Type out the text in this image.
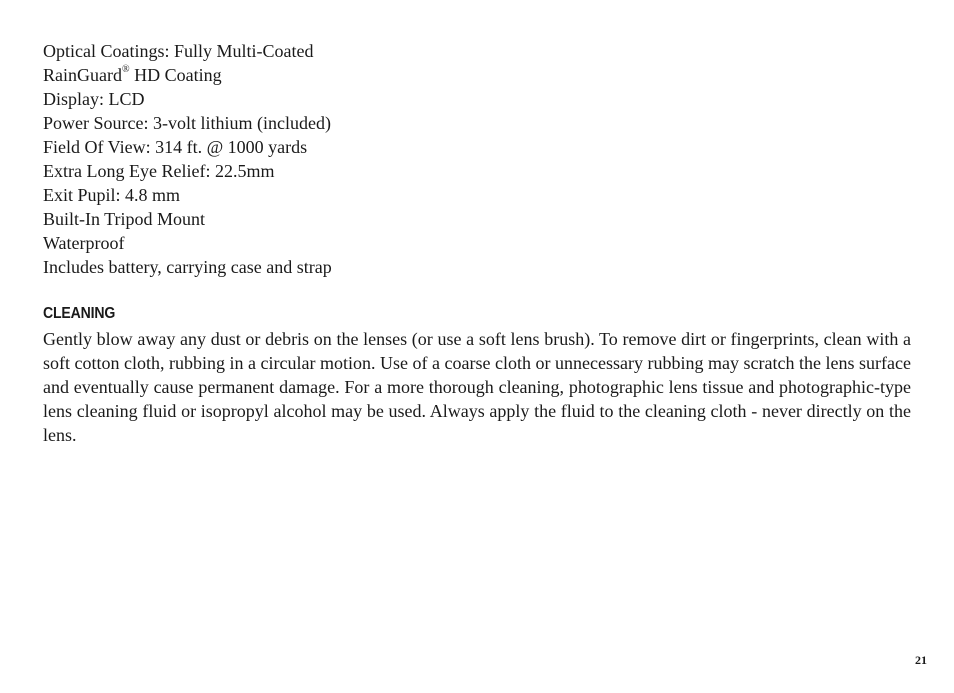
Optical Coatings: Fully Multi-Coated
RainGuard® HD Coating
Display: LCD
Power Source: 3-volt lithium (included)
Field Of View: 314 ft. @ 1000 yards
Extra Long Eye Relief: 22.5mm
Exit Pupil: 4.8 mm
Built-In Tripod Mount
Waterproof
Includes battery, carrying case and strap
CLEANING

Gently blow away any dust or debris on the lenses (or use a soft lens brush). To remove dirt or fingerprints, clean with a soft cotton cloth, rubbing in a circular motion. Use of a coarse cloth or unnecessary rubbing may scratch the lens surface and eventually cause permanent damage. For a more thorough cleaning, photographic lens tissue and photographic-type lens cleaning fluid or isopropyl alcohol may be used. Always apply the fluid to the cleaning cloth - never directly on the lens.

21
